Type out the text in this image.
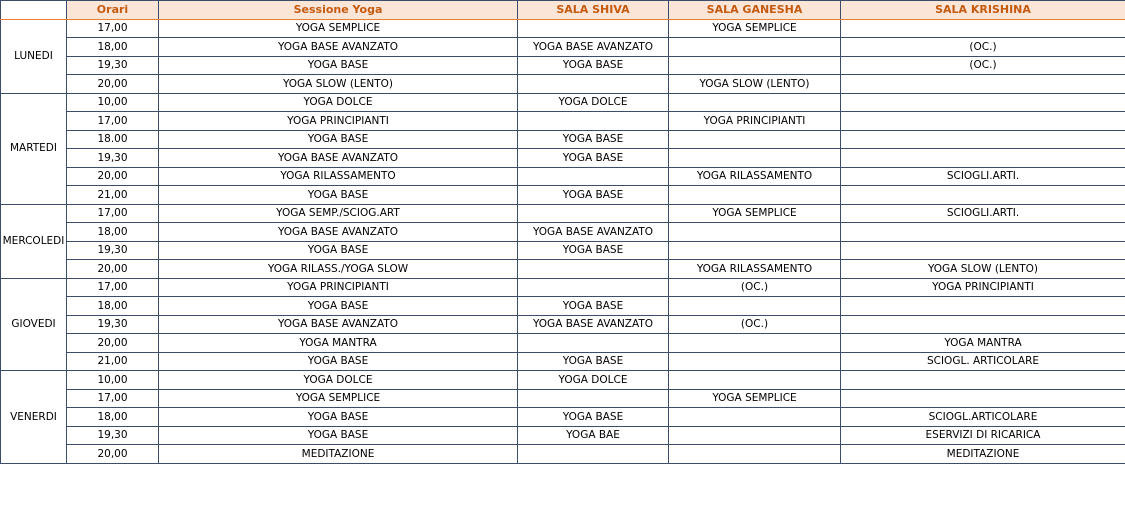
	Orari	Sessione Yoga	SALA SHIVA	SALA GANESHA	SALA KRISHINA
LUNEDI	17,00	YOGA SEMPLICE		YOGA SEMPLICE	
	18,00	YOGA BASE AVANZATO	YOGA BASE AVANZATO		(OC.)
	19,30	YOGA BASE	YOGA BASE		(OC.)
	20,00	YOGA SLOW (LENTO)		YOGA SLOW (LENTO)	
MARTEDI	10,00	YOGA DOLCE	YOGA DOLCE		
	17,00	YOGA PRINCIPIANTI		YOGA PRINCIPIANTI	
	18.00	YOGA BASE	YOGA BASE		
	19,30	YOGA BASE AVANZATO	YOGA BASE		
	20,00	YOGA RILASSAMENTO		YOGA RILASSAMENTO	SCIOGLI.ARTI.
	21,00	YOGA BASE	YOGA BASE		
MERCOLEDI	17,00	YOGA SEMP./SCIOG.ART		YOGA SEMPLICE	SCIOGLI.ARTI.
	18,00	YOGA BASE AVANZATO	YOGA BASE AVANZATO		
	19,30	YOGA BASE	YOGA BASE		
	20,00	YOGA RILASS./YOGA SLOW		YOGA RILASSAMENTO	YOGA SLOW (LENTO)
GIOVEDI	17,00	YOGA PRINCIPIANTI		(OC.)	YOGA PRINCIPIANTI
	18,00	YOGA BASE	YOGA BASE		
	19,30	YOGA BASE AVANZATO	YOGA BASE AVANZATO	(OC.)	
	20,00	YOGA MANTRA			YOGA MANTRA
	21,00	YOGA BASE	YOGA BASE		SCIOGL. ARTICOLARE
VENERDI	10,00	YOGA DOLCE	YOGA DOLCE		
	17,00	YOGA SEMPLICE		YOGA SEMPLICE	
	18,00	YOGA BASE	YOGA BASE		SCIOGL.ARTICOLARE
	19,30	YOGA BASE	YOGA BAE		ESERVIZI DI RICARICA
	20,00	MEDITAZIONE			MEDITAZIONE
